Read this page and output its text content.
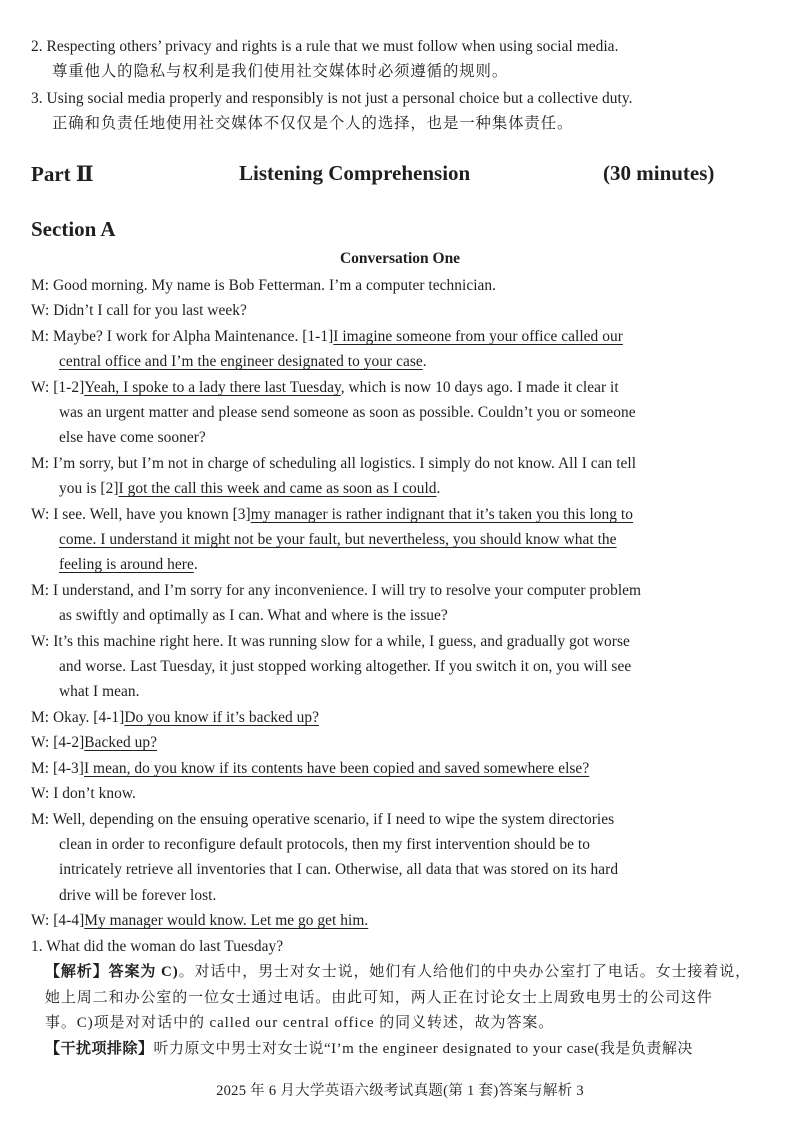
2. Respecting others’ privacy and rights is a rule that we must follow when using social media.
尊重他人的隐私与权利是我们使用社交媒体时必须遵循的规则。
3. Using social media properly and responsibly is not just a personal choice but a collective duty.
正确和负责任地使用社交媒体不仅仅是个人的选择，也是一种集体责任。
Part Ⅱ	Listening Comprehension	(30 minutes)
Section A
Conversation One
M: Good morning. My name is Bob Fetterman. I’m a computer technician.
W: Didn’t I call for you last week?
M: Maybe? I work for Alpha Maintenance. [1-1]I imagine someone from your office called our
central office and I’m the engineer designated to your case.
W: [1-2]Yeah, I spoke to a lady there last Tuesday, which is now 10 days ago. I made it clear it
was an urgent matter and please send someone as soon as possible. Couldn’t you or someone
else have come sooner?
M: I’m sorry, but I’m not in charge of scheduling all logistics. I simply do not know. All I can tell
you is [2]I got the call this week and came as soon as I could.
W: I see. Well, have you known [3]my manager is rather indignant that it’s taken you this long to
come. I understand it might not be your fault, but nevertheless, you should know what the
feeling is around here.
M: I understand, and I’m sorry for any inconvenience. I will try to resolve your computer problem
as swiftly and optimally as I can. What and where is the issue?
W: It’s this machine right here. It was running slow for a while, I guess, and gradually got worse
and worse. Last Tuesday, it just stopped working altogether. If you switch it on, you will see
what I mean.
M: Okay. [4-1]Do you know if it’s backed up?
W: [4-2]Backed up?
M: [4-3]I mean, do you know if its contents have been copied and saved somewhere else?
W: I don’t know.
M: Well, depending on the ensuing operative scenario, if I need to wipe the system directories
clean in order to reconfigure default protocols, then my first intervention should be to
intricately retrieve all inventories that I can. Otherwise, all data that was stored on its hard
drive will be forever lost.
W: [4-4]My manager would know. Let me go get him.
1. What did the woman do last Tuesday?
【解析】答案为 C)。对话中，男士对女士说，她们有人给他们的中央办公室打了电话。女士接着说，
她上周二和办公室的一位女士通过电话。由此可知，两人正在讨论女士上周致电男士的公司这件
事。C)项是对对话中的 called our central office 的同义转述，故为答案。
【干扰项排除】听力原文中男士对女士说“I’m the engineer designated to your case(我是负责解决
2025 年 6 月大学英语六级考试真题(第 1 套)答案与解析 3
